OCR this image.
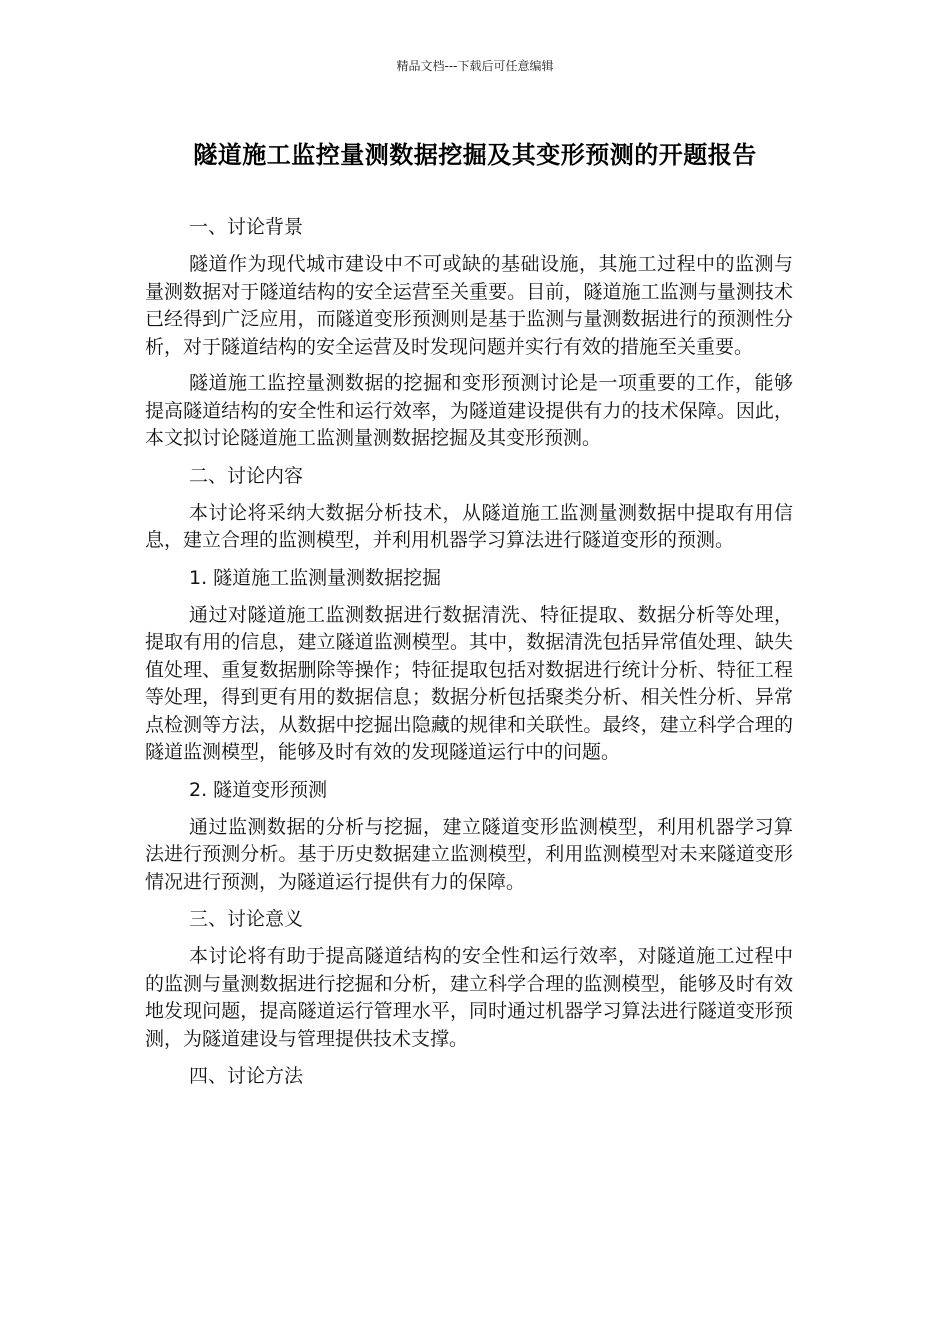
精品文档---下载后可任意编辑
隧道施工监控量测数据挖掘及其变形预测的开题报告
一、讨论背景

隧道作为现代城市建设中不可或缺的基础设施，其施工过程中的监测与量测数据对于隧道结构的安全运营至关重要。目前，隧道施工监测与量测技术已经得到广泛应用，而隧道变形预测则是基于监测与量测数据进行的预测性分析，对于隧道结构的安全运营及时发现问题并实行有效的措施至关重要。

隧道施工监控量测数据的挖掘和变形预测讨论是一项重要的工作，能够提高隧道结构的安全性和运行效率，为隧道建设提供有力的技术保障。因此，本文拟讨论隧道施工监测量测数据挖掘及其变形预测。

二、讨论内容

本讨论将采纳大数据分析技术，从隧道施工监测量测数据中提取有用信息，建立合理的监测模型，并利用机器学习算法进行隧道变形的预测。

1. 隧道施工监测量测数据挖掘

通过对隧道施工监测数据进行数据清洗、特征提取、数据分析等处理，提取有用的信息，建立隧道监测模型。其中，数据清洗包括异常值处理、缺失值处理、重复数据删除等操作；特征提取包括对数据进行统计分析、特征工程等处理，得到更有用的数据信息；数据分析包括聚类分析、相关性分析、异常点检测等方法，从数据中挖掘出隐藏的规律和关联性。最终，建立科学合理的隧道监测模型，能够及时有效的发现隧道运行中的问题。

2. 隧道变形预测

通过监测数据的分析与挖掘，建立隧道变形监测模型，利用机器学习算法进行预测分析。基于历史数据建立监测模型，利用监测模型对未来隧道变形情况进行预测，为隧道运行提供有力的保障。

三、讨论意义

本讨论将有助于提高隧道结构的安全性和运行效率，对隧道施工过程中的监测与量测数据进行挖掘和分析，建立科学合理的监测模型，能够及时有效地发现问题，提高隧道运行管理水平，同时通过机器学习算法进行隧道变形预测，为隧道建设与管理提供技术支撑。

四、讨论方法
